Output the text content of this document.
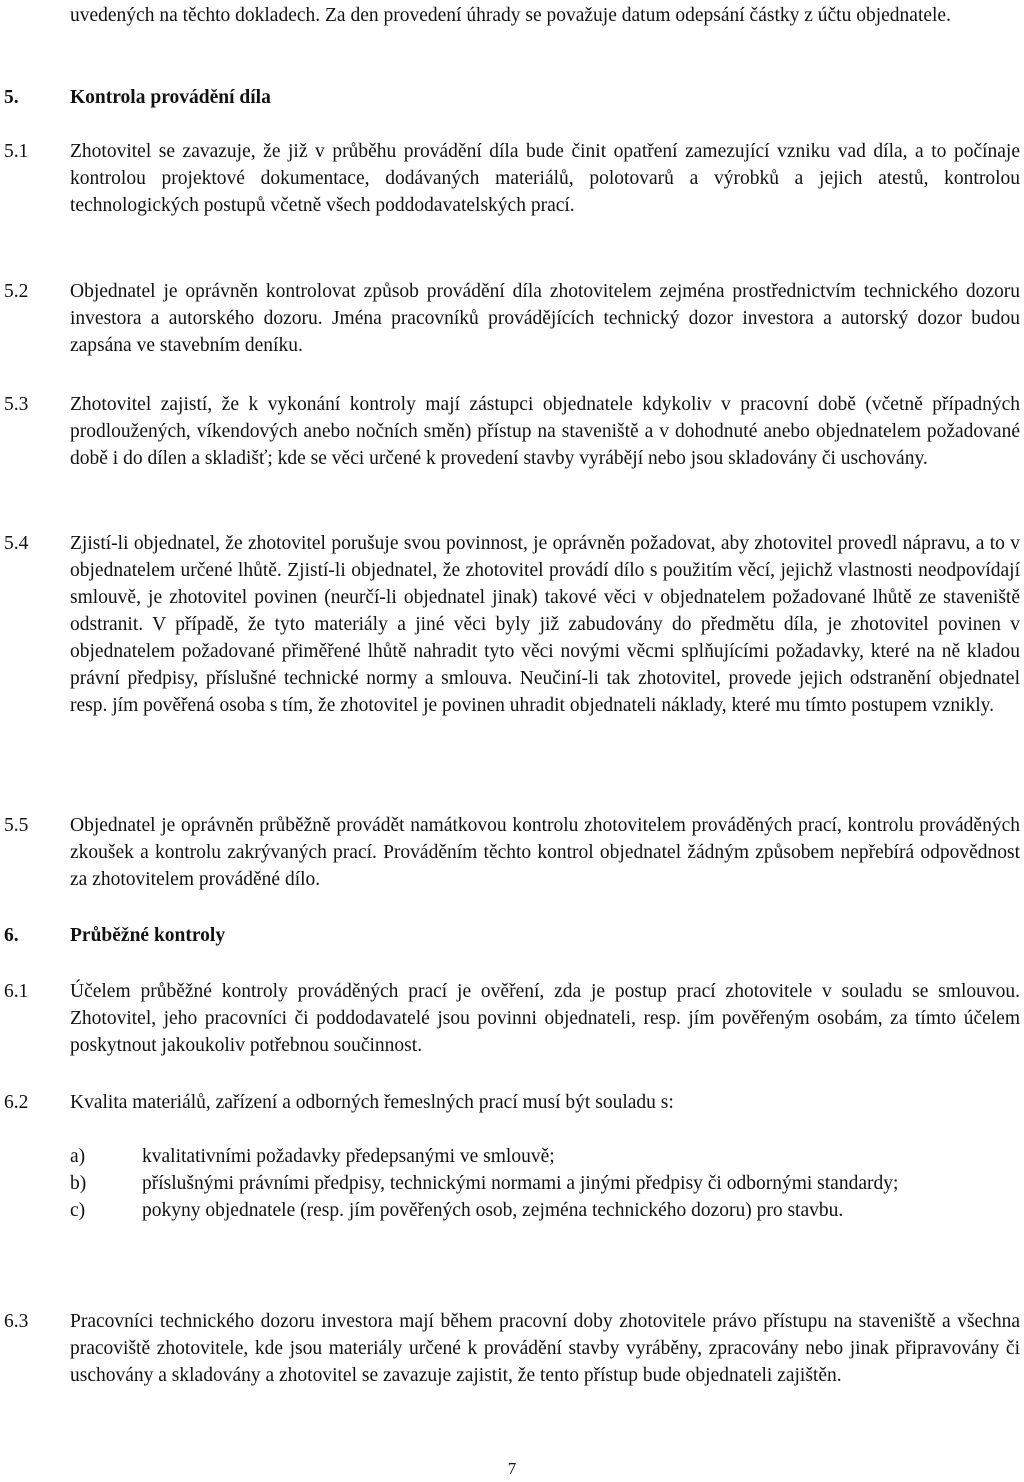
uvedených na těchto dokladech. Za den provedení úhrady se považuje datum odepsání částky z účtu objednatele.
5.	Kontrola provádění díla
5.1 Zhotovitel se zavazuje, že již v průběhu provádění díla bude činit opatření zamezující vzniku vad díla, a to počínaje kontrolou projektové dokumentace, dodávaných materiálů, polotovarů a výrobků a jejich atestů, kontrolou technologických postupů včetně všech poddodavatelských prací.
5.2 Objednatel je oprávněn kontrolovat způsob provádění díla zhotovitelem zejména prostřednictvím technického dozoru investora a autorského dozoru. Jména pracovníků provádějících technický dozor investora a autorský dozor budou zapsána ve stavebním deníku.
5.3 Zhotovitel zajistí, že k vykonání kontroly mají zástupci objednatele kdykoliv v pracovní době (včetně případných prodloužených, víkendových anebo nočních směn) přístup na staveniště a v dohodnuté anebo objednatelem požadované době i do dílen a skladišť; kde se věci určené k provedení stavby vyrábějí nebo jsou skladovány či uschovány.
5.4 Zjistí-li objednatel, že zhotovitel porušuje svou povinnost, je oprávněn požadovat, aby zhotovitel provedl nápravu, a to v objednatelem určené lhůtě. Zjistí-li objednatel, že zhotovitel provádí dílo s použitím věcí, jejichž vlastnosti neodpovídají smlouvě, je zhotovitel povinen (neurčí-li objednatel jinak) takové věci v objednatelem požadované lhůtě ze staveniště odstranit. V případě, že tyto materiály a jiné věci byly již zabudovány do předmětu díla, je zhotovitel povinen v objednatelem požadované přiměřené lhůtě nahradit tyto věci novými věcmi splňujícími požadavky, které na ně kladou právní předpisy, příslušné technické normy a smlouva. Neučiní-li tak zhotovitel, provede jejich odstranění objednatel resp. jím pověřená osoba s tím, že zhotovitel je povinen uhradit objednateli náklady, které mu tímto postupem vznikly.
5.5 Objednatel je oprávněn průběžně provádět namátkovou kontrolu zhotovitelem prováděných prací, kontrolu prováděných zkoušek a kontrolu zakrývaných prací. Prováděním těchto kontrol objednatel žádným způsobem nepřebírá odpovědnost za zhotovitelem prováděné dílo.
6.	Průběžné kontroly
6.1 Účelem průběžné kontroly prováděných prací je ověření, zda je postup prací zhotovitele v souladu se smlouvou. Zhotovitel, jeho pracovníci či poddodavatelé jsou povinni objednateli, resp. jím pověřeným osobám, za tímto účelem poskytnout jakoukoliv potřebnou součinnost.
6.2 Kvalita materiálů, zařízení a odborných řemeslných prací musí být souladu s:
a)	kvalitativními požadavky předepsanými ve smlouvě;
b)	příslušnými právními předpisy, technickými normami a jinými předpisy či odbornými standardy;
c)	pokyny objednatele (resp. jím pověřených osob, zejména technického dozoru) pro stavbu.
6.3 Pracovníci technického dozoru investora mají během pracovní doby zhotovitele právo přístupu na staveniště a všechna pracoviště zhotovitele, kde jsou materiály určené k provádění stavby vyráběny, zpracovány nebo jinak připravovány či uschovány a skladovány a zhotovitel se zavazuje zajistit, že tento přístup bude objednateli zajištěn.
7
